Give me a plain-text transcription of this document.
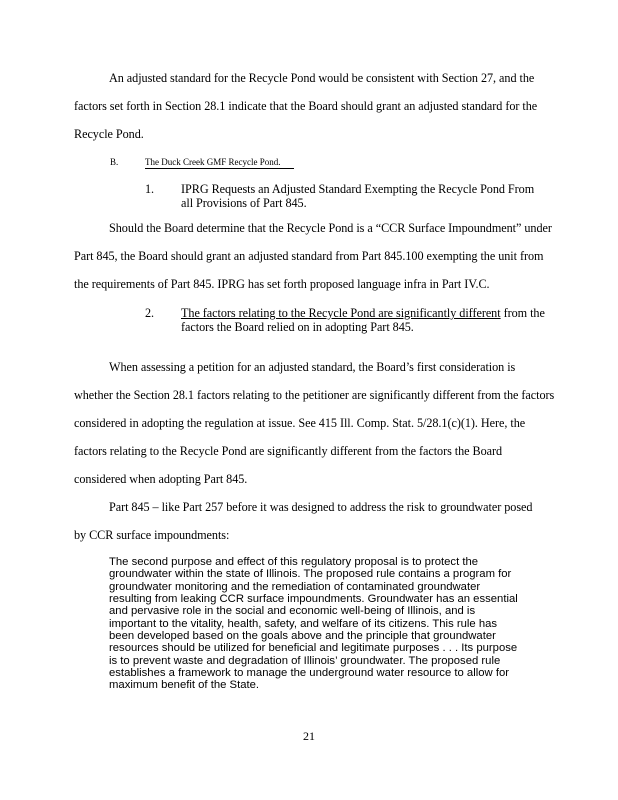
An adjusted standard for the Recycle Pond would be consistent with Section 27, and the
factors set forth in Section 28.1 indicate that the Board should grant an adjusted standard for the
Recycle Pond.
B.	The Duck Creek GMF Recycle Pond.
1. IPRG Requests an Adjusted Standard Exempting the Recycle Pond From
all Provisions of Part 845.
Should the Board determine that the Recycle Pond is a “CCR Surface Impoundment” under
Part 845, the Board should grant an adjusted standard from Part 845.100 exempting the unit from
the requirements of Part 845. IPRG has set forth proposed language infra in Part IV.C.
2. The factors relating to the Recycle Pond are significantly different from the
factors the Board relied on in adopting Part 845.
When assessing a petition for an adjusted standard, the Board’s first consideration is
whether the Section 28.1 factors relating to the petitioner are significantly different from the factors
considered in adopting the regulation at issue. See 415 Ill. Comp. Stat. 5/28.1(c)(1). Here, the
factors relating to the Recycle Pond are significantly different from the factors the Board
considered when adopting Part 845.
Part 845 – like Part 257 before it was designed to address the risk to groundwater posed
by CCR surface impoundments:
The second purpose and effect of this regulatory proposal is to protect the
groundwater within the state of Illinois. The proposed rule contains a program for
groundwater monitoring and the remediation of contaminated groundwater
resulting from leaking CCR surface impoundments. Groundwater has an essential
and pervasive role in the social and economic well-being of Illinois, and is
important to the vitality, health, safety, and welfare of its citizens. This rule has
been developed based on the goals above and the principle that groundwater
resources should be utilized for beneficial and legitimate purposes . . . Its purpose
is to prevent waste and degradation of Illinois’ groundwater. The proposed rule
establishes a framework to manage the underground water resource to allow for
maximum benefit of the State.
21
